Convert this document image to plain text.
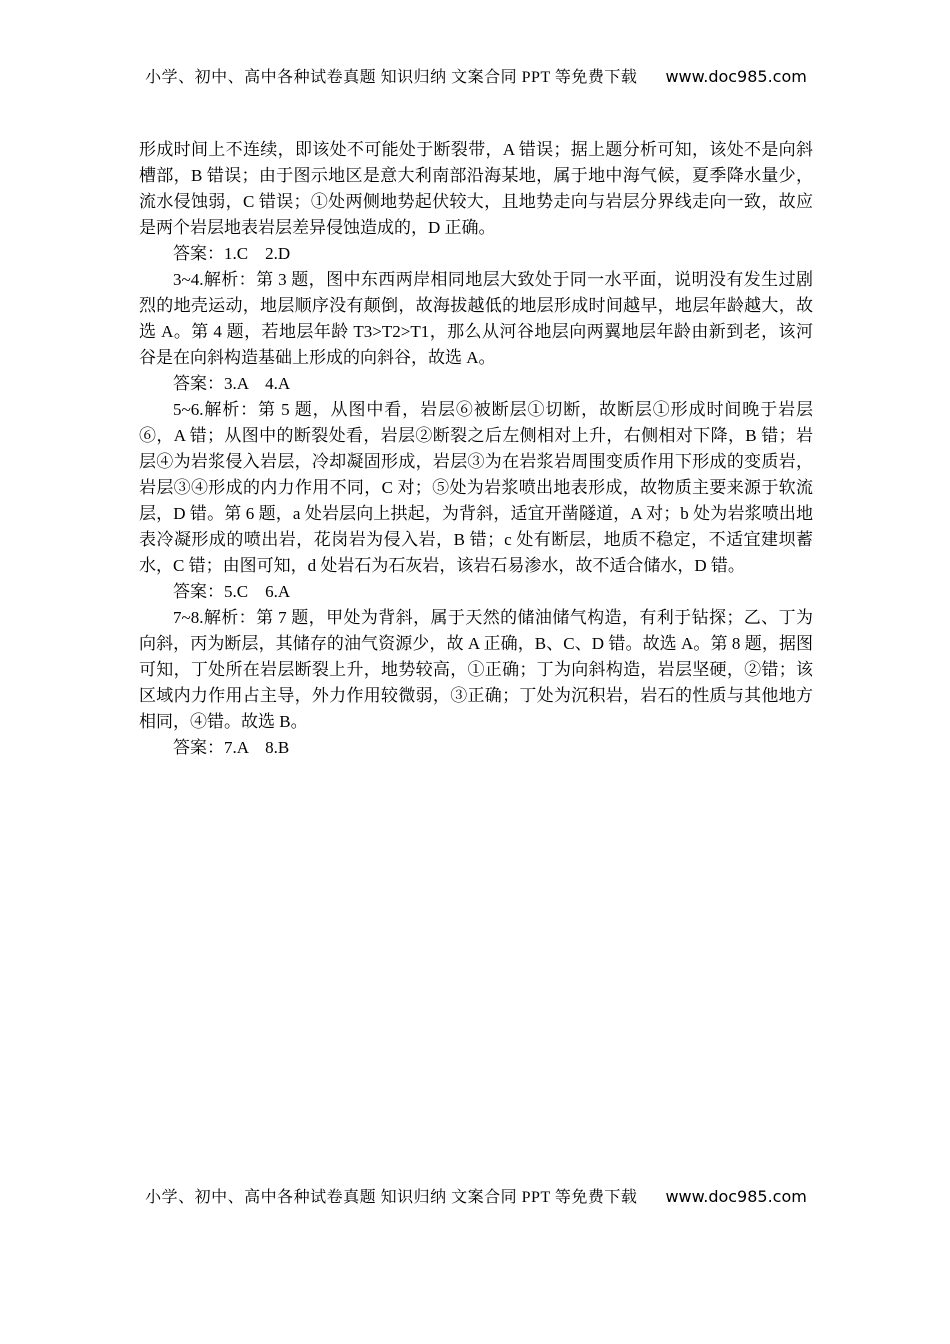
小学、初中、高中各种试卷真题 知识归纳 文案合同 PPT 等免费下载 www.doc985.com

形成时间上不连续，即该处不可能处于断裂带，A 错误；据上题分析可知，该处不是向斜槽部，B 错误；由于图示地区是意大利南部沿海某地，属于地中海气候，夏季降水量少，流水侵蚀弱，C 错误；①处两侧地势起伏较大，且地势走向与岩层分界线走向一致，故应是两个岩层地表岩层差异侵蚀造成的，D 正确。

答案：1.C　2.D

3~4.解析：第 3 题，图中东西两岸相同地层大致处于同一水平面，说明没有发生过剧烈的地壳运动，地层顺序没有颠倒，故海拔越低的地层形成时间越早，地层年龄越大，故选 A。第 4 题，若地层年龄 T3>T2>T1，那么从河谷地层向两翼地层年龄由新到老，该河谷是在向斜构造基础上形成的向斜谷，故选 A。

答案：3.A　4.A

5~6.解析：第 5 题，从图中看，岩层⑥被断层①切断，故断层①形成时间晚于岩层⑥，A 错；从图中的断裂处看，岩层②断裂之后左侧相对上升，右侧相对下降，B 错；岩层④为岩浆侵入岩层，冷却凝固形成，岩层③为在岩浆岩周围变质作用下形成的变质岩，岩层③④形成的内力作用不同，C 对；⑤处为岩浆喷出地表形成，故物质主要来源于软流层，D 错。第 6 题，a 处岩层向上拱起，为背斜，适宜开凿隧道，A 对；b 处为岩浆喷出地表冷凝形成的喷出岩，花岗岩为侵入岩，B 错；c 处有断层，地质不稳定，不适宜建坝蓄水，C 错；由图可知，d 处岩石为石灰岩，该岩石易渗水，故不适合储水，D 错。

答案：5.C　6.A

7~8.解析：第 7 题，甲处为背斜，属于天然的储油储气构造，有利于钻探；乙、丁为向斜，丙为断层，其储存的油气资源少，故 A 正确，B、C、D 错。故选 A。第 8 题，据图可知，丁处所在岩层断裂上升，地势较高，①正确；丁为向斜构造，岩层坚硬，②错；该区域内力作用占主导，外力作用较微弱，③正确；丁处为沉积岩，岩石的性质与其他地方相同，④错。故选 B。

答案：7.A　8.B

小学、初中、高中各种试卷真题 知识归纳 文案合同 PPT 等免费下载 www.doc985.com
